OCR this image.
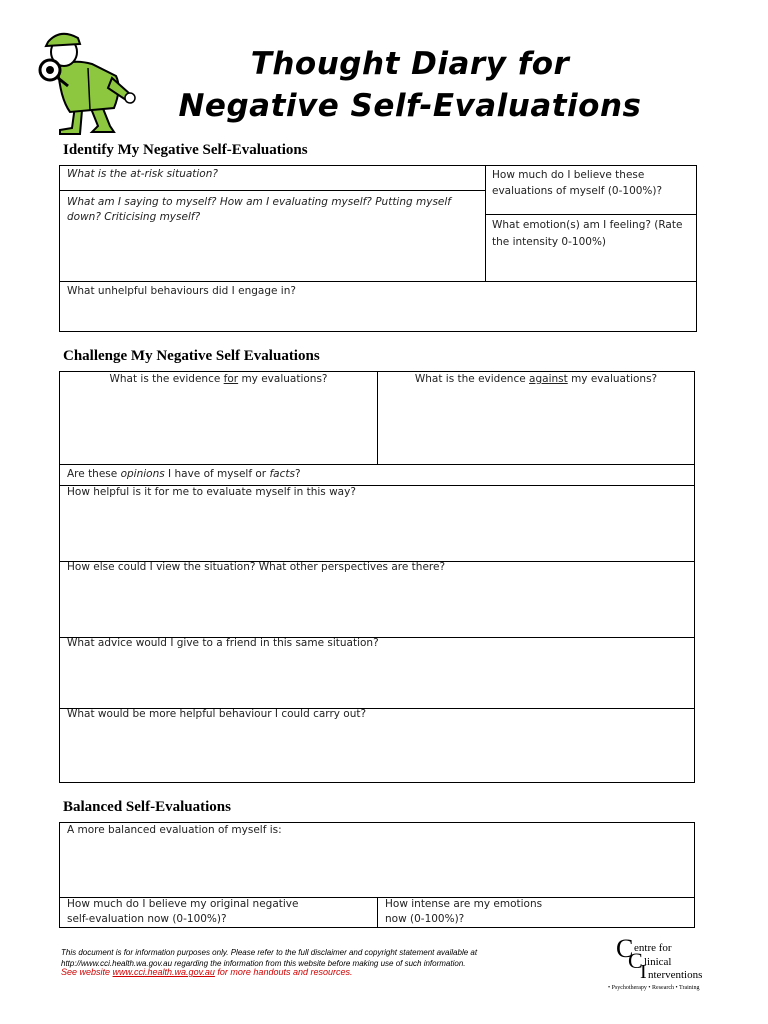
Thought Diary for
Negative Self-Evaluations
Identify My Negative Self-Evaluations
What is the at-risk situation?
What am I saying to myself? How am I evaluating myself? Putting myself down? Criticising myself?
How much do I believe these evaluations of myself (0-100%)?
What emotion(s) am I feeling? (Rate the intensity 0-100%)
What unhelpful behaviours did I engage in?
Challenge My Negative Self Evaluations
What is the evidence for my evaluations?	What is the evidence against my evaluations?
Are these opinions I have of myself or facts?
How helpful is it for me to evaluate myself in this way?
How else could I view the situation? What other perspectives are there?
What advice would I give to a friend in this same situation?
What would be more helpful behaviour I could carry out?
Balanced Self-Evaluations
A more balanced evaluation of myself is:
How much do I believe my original negative
self-evaluation now (0-100%)?
How intense are my emotions
now (0-100%)?
This document is for information purposes only. Please refer to the full disclaimer and copyright statement available at
http://www.cci.health.wa.gov.au regarding the information from this website before making use of such information.
See website www.cci.health.wa.gov.au for more handouts and resources.
C entre for
C linical
I nterventions
• Psychotherapy • Research • Training
